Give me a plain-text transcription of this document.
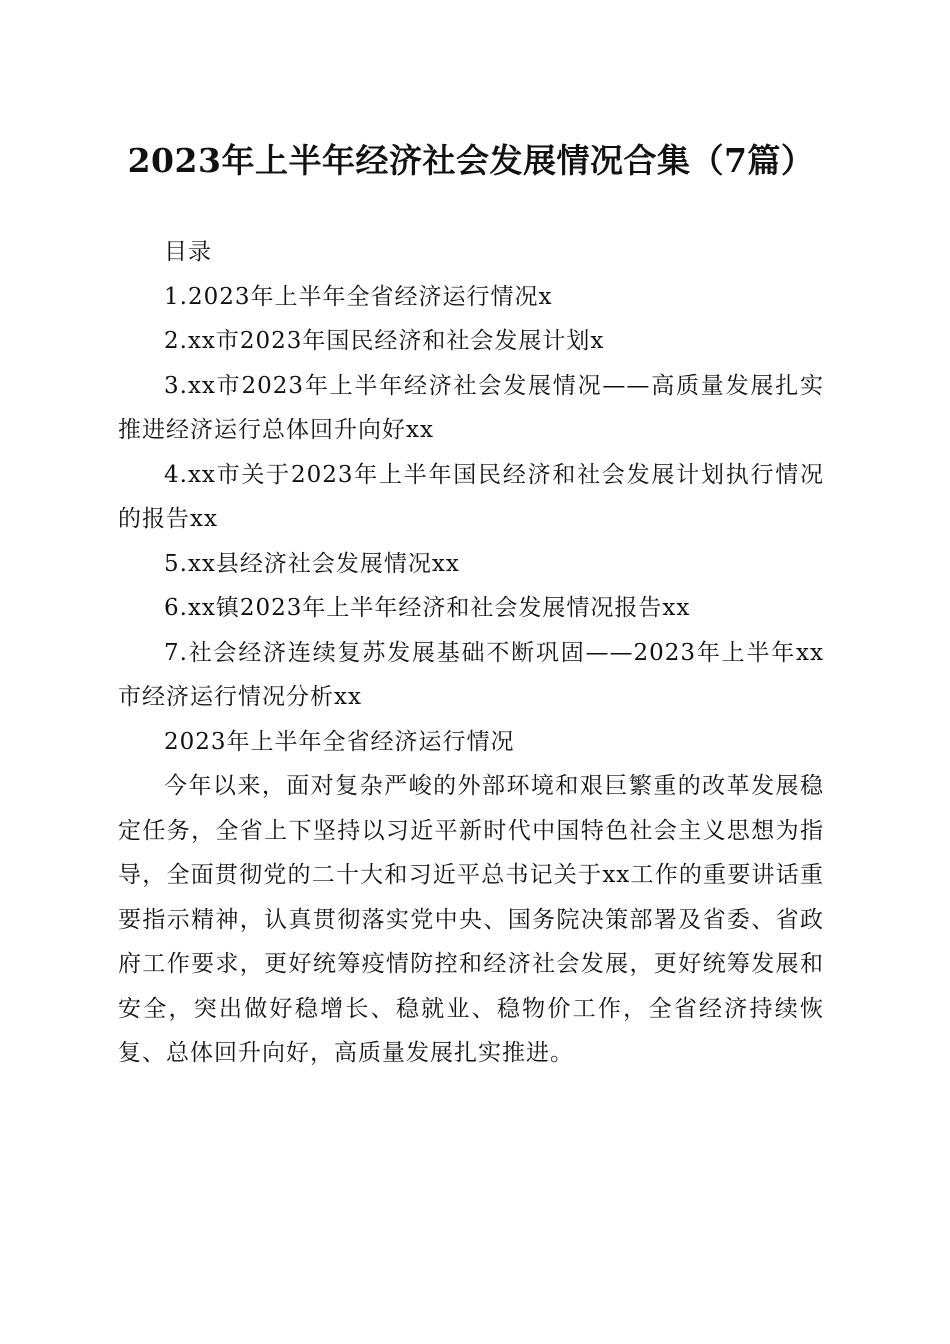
2023年上半年经济社会发展情况合集（7篇）

目录

1.2023年上半年全省经济运行情况x

2.xx市2023年国民经济和社会发展计划x

3.xx市2023年上半年经济社会发展情况——高质量发展扎实推进经济运行总体回升向好xx

4.xx市关于2023年上半年国民经济和社会发展计划执行情况的报告xx

5.xx县经济社会发展情况xx

6.xx镇2023年上半年经济和社会发展情况报告xx

7.社会经济连续复苏发展基础不断巩固——2023年上半年xx市经济运行情况分析xx

2023年上半年全省经济运行情况

今年以来，面对复杂严峻的外部环境和艰巨繁重的改革发展稳定任务，全省上下坚持以习近平新时代中国特色社会主义思想为指导，全面贯彻党的二十大和习近平总书记关于xx工作的重要讲话重要指示精神，认真贯彻落实党中央、国务院决策部署及省委、省政府工作要求，更好统筹疫情防控和经济社会发展，更好统筹发展和安全，突出做好稳增长、稳就业、稳物价工作，全省经济持续恢复、总体回升向好，高质量发展扎实推进。
